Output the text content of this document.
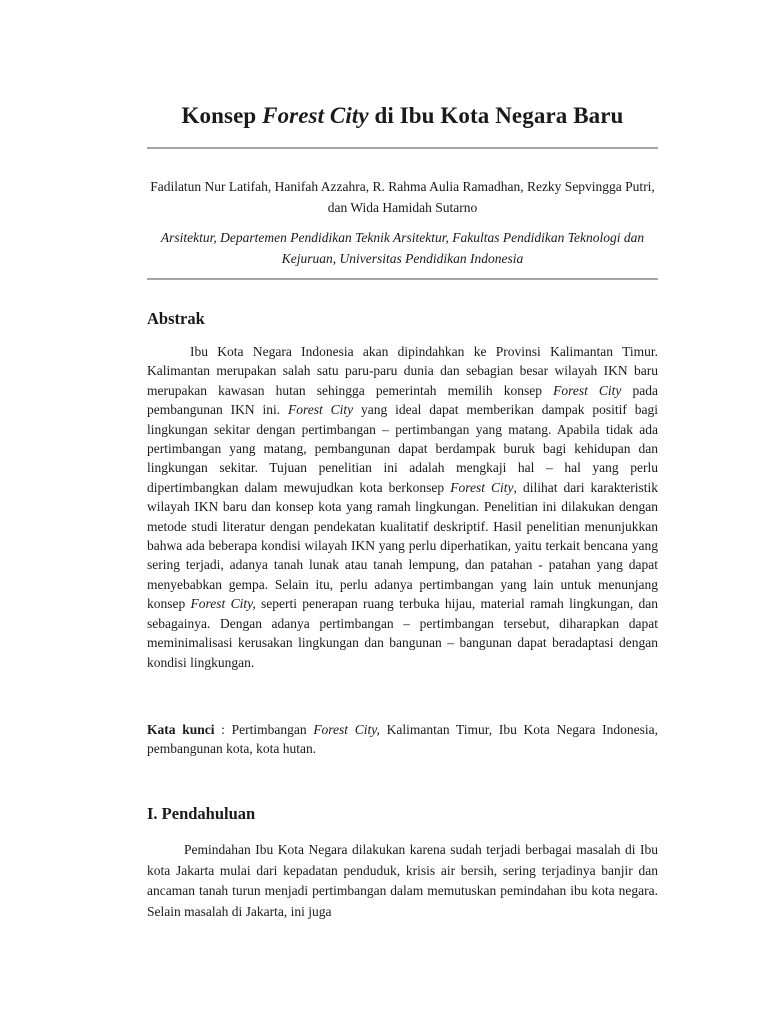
Konsep Forest City di Ibu Kota Negara Baru

Fadilatun Nur Latifah, Hanifah Azzahra, R. Rahma Aulia Ramadhan, Rezky Sepvingga Putri, dan Wida Hamidah Sutarno

Arsitektur, Departemen Pendidikan Teknik Arsitektur, Fakultas Pendidikan Teknologi dan Kejuruan, Universitas Pendidikan Indonesia

Abstrak

Ibu Kota Negara Indonesia akan dipindahkan ke Provinsi Kalimantan Timur. Kalimantan merupakan salah satu paru-paru dunia dan sebagian besar wilayah IKN baru merupakan kawasan hutan sehingga pemerintah memilih konsep Forest City pada pembangunan IKN ini. Forest City yang ideal dapat memberikan dampak positif bagi lingkungan sekitar dengan pertimbangan – pertimbangan yang matang. Apabila tidak ada pertimbangan yang matang, pembangunan dapat berdampak buruk bagi kehidupan dan lingkungan sekitar. Tujuan penelitian ini adalah mengkaji hal – hal yang perlu dipertimbangkan dalam mewujudkan kota berkonsep Forest City, dilihat dari karakteristik wilayah IKN baru dan konsep kota yang ramah lingkungan. Penelitian ini dilakukan dengan metode studi literatur dengan pendekatan kualitatif deskriptif. Hasil penelitian menunjukkan bahwa ada beberapa kondisi wilayah IKN yang perlu diperhatikan, yaitu terkait bencana yang sering terjadi, adanya tanah lunak atau tanah lempung, dan patahan - patahan yang dapat menyebabkan gempa. Selain itu, perlu adanya pertimbangan yang lain untuk menunjang konsep Forest City, seperti penerapan ruang terbuka hijau, material ramah lingkungan, dan sebagainya. Dengan adanya pertimbangan – pertimbangan tersebut, diharapkan dapat meminimalisasi kerusakan lingkungan dan bangunan – bangunan dapat beradaptasi dengan kondisi lingkungan.

Kata kunci : Pertimbangan Forest City, Kalimantan Timur, Ibu Kota Negara Indonesia, pembangunan kota, kota hutan.

I. Pendahuluan

Pemindahan Ibu Kota Negara dilakukan karena sudah terjadi berbagai masalah di Ibu kota Jakarta mulai dari kepadatan penduduk, krisis air bersih, sering terjadinya banjir dan ancaman tanah turun menjadi pertimbangan dalam memutuskan pemindahan ibu kota negara. Selain masalah di Jakarta, ini juga
